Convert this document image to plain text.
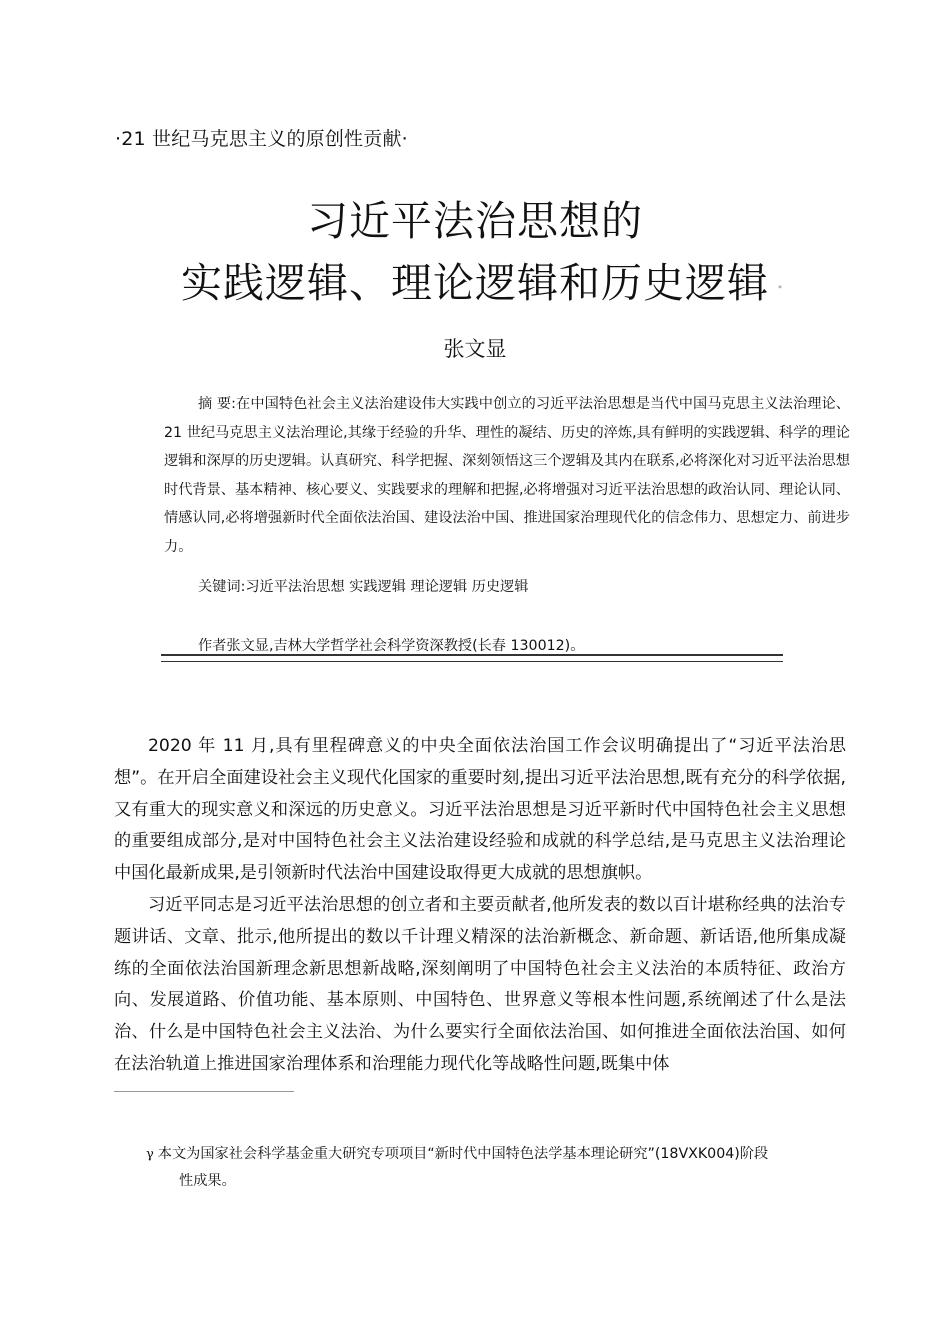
·21 世纪马克思主义的原创性贡献·
习近平法治思想的
实践逻辑、理论逻辑和历史逻辑 *
张文显

摘 要:在中国特色社会主义法治建设伟大实践中创立的习近平法治思想是当代中国马克思主义法治理论、21 世纪马克思主义法治理论,其缘于经验的升华、理性的凝结、历史的淬炼,具有鲜明的实践逻辑、科学的理论逻辑和深厚的历史逻辑。认真研究、科学把握、深刻领悟这三个逻辑及其内在联系,必将深化对习近平法治思想时代背景、基本精神、核心要义、实践要求的理解和把握,必将增强对习近平法治思想的政治认同、理论认同、情感认同,必将增强新时代全面依法治国、建设法治中国、推进国家治理现代化的信念伟力、思想定力、前进步力。

关键词:习近平法治思想 实践逻辑 理论逻辑 历史逻辑
作者张文显,吉林大学哲学社会科学资深教授(长春 130012)。

2020 年 11 月,具有里程碑意义的中央全面依法治国工作会议明确提出了“习近平法治思想”。在开启全面建设社会主义现代化国家的重要时刻,提出习近平法治思想,既有充分的科学依据,又有重大的现实意义和深远的历史意义。习近平法治思想是习近平新时代中国特色社会主义思想的重要组成部分,是对中国特色社会主义法治建设经验和成就的科学总结,是马克思主义法治理论中国化最新成果,是引领新时代法治中国建设取得更大成就的思想旗帜。

习近平同志是习近平法治思想的创立者和主要贡献者,他所发表的数以百计堪称经典的法治专题讲话、文章、批示,他所提出的数以千计理义精深的法治新概念、新命题、新话语,他所集成凝练的全面依法治国新理念新思想新战略,深刻阐明了中国特色社会主义法治的本质特征、政治方向、发展道路、价值功能、基本原则、中国特色、世界意义等根本性问题,系统阐述了什么是法治、什么是中国特色社会主义法治、为什么要实行全面依法治国、如何推进全面依法治国、如何在法治轨道上推进国家治理体系和治理能力现代化等战略性问题,既集中体

γ 本文为国家社会科学基金重大研究专项项目“新时代中国特色法学基本理论研究”(18VXK004)阶段
性成果。
